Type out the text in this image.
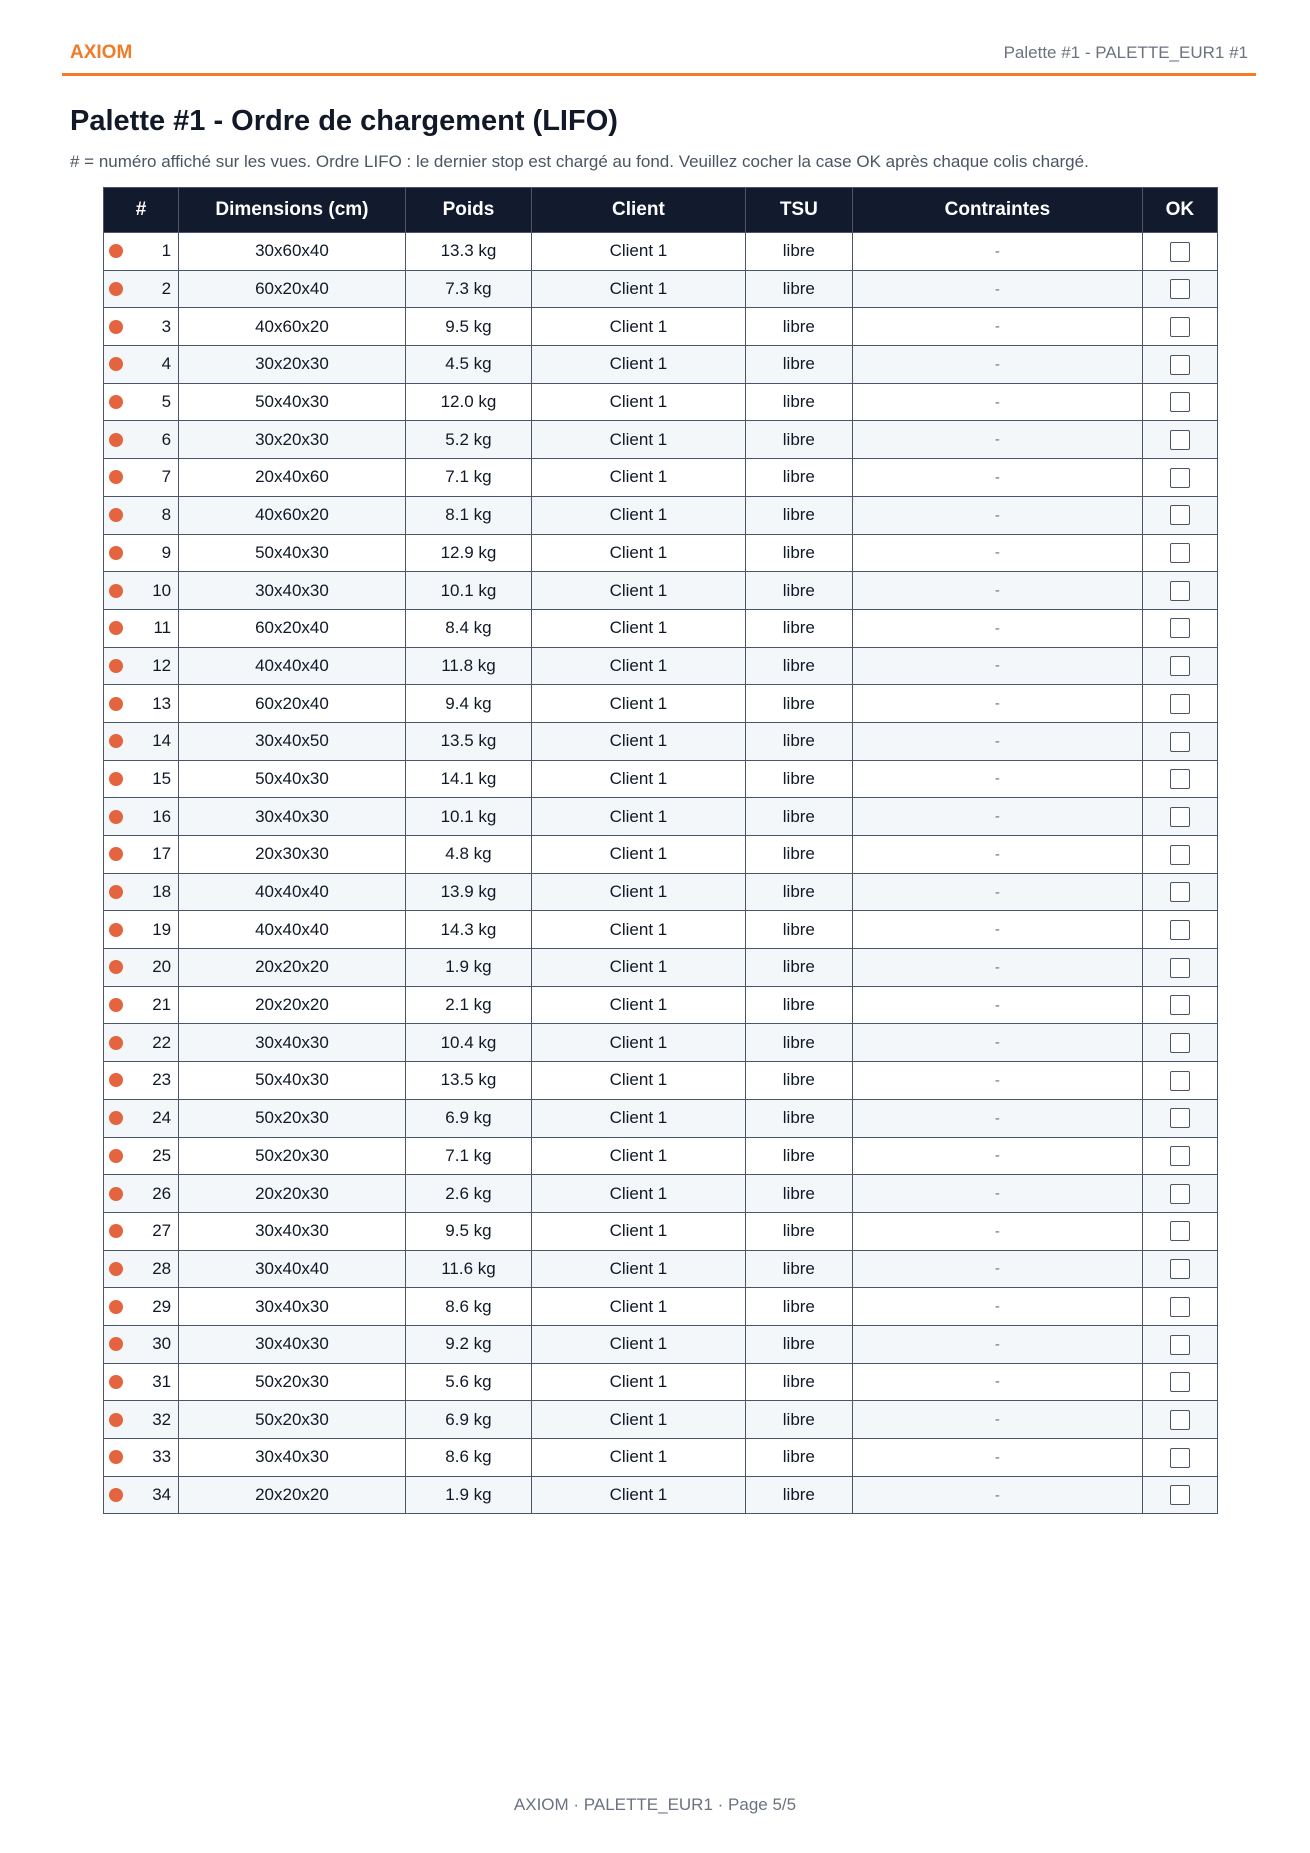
AXIOM	Palette #1 - PALETTE_EUR1 #1
Palette #1 - Ordre de chargement (LIFO)

# = numéro affiché sur les vues. Ordre LIFO : le dernier stop est chargé au fond. Veuillez cocher la case OK après chaque colis chargé.

#	Dimensions (cm)	Poids	Client	TSU	Contraintes	OK

1	30x60x40	13.3 kg	Client 1	libre	-	

2	60x20x40	7.3 kg	Client 1	libre	-	

3	40x60x20	9.5 kg	Client 1	libre	-	

4	30x20x30	4.5 kg	Client 1	libre	-	

5	50x40x30	12.0 kg	Client 1	libre	-	

6	30x20x30	5.2 kg	Client 1	libre	-	

7	20x40x60	7.1 kg	Client 1	libre	-	

8	40x60x20	8.1 kg	Client 1	libre	-	

9	50x40x30	12.9 kg	Client 1	libre	-	

10	30x40x30	10.1 kg	Client 1	libre	-	

11	60x20x40	8.4 kg	Client 1	libre	-	

12	40x40x40	11.8 kg	Client 1	libre	-	

13	60x20x40	9.4 kg	Client 1	libre	-	

14	30x40x50	13.5 kg	Client 1	libre	-	

15	50x40x30	14.1 kg	Client 1	libre	-	

16	30x40x30	10.1 kg	Client 1	libre	-	

17	20x30x30	4.8 kg	Client 1	libre	-	

18	40x40x40	13.9 kg	Client 1	libre	-	

19	40x40x40	14.3 kg	Client 1	libre	-	

20	20x20x20	1.9 kg	Client 1	libre	-	

21	20x20x20	2.1 kg	Client 1	libre	-	

22	30x40x30	10.4 kg	Client 1	libre	-	

23	50x40x30	13.5 kg	Client 1	libre	-	

24	50x20x30	6.9 kg	Client 1	libre	-	

25	50x20x30	7.1 kg	Client 1	libre	-	

26	20x20x30	2.6 kg	Client 1	libre	-	

27	30x40x30	9.5 kg	Client 1	libre	-	

28	30x40x40	11.6 kg	Client 1	libre	-	

29	30x40x30	8.6 kg	Client 1	libre	-	

30	30x40x30	9.2 kg	Client 1	libre	-	

31	50x20x30	5.6 kg	Client 1	libre	-	

32	50x20x30	6.9 kg	Client 1	libre	-	

33	30x40x30	8.6 kg	Client 1	libre	-	

34	20x20x20	1.9 kg	Client 1	libre	-	
AXIOM · PALETTE_EUR1 · Page 5/5
